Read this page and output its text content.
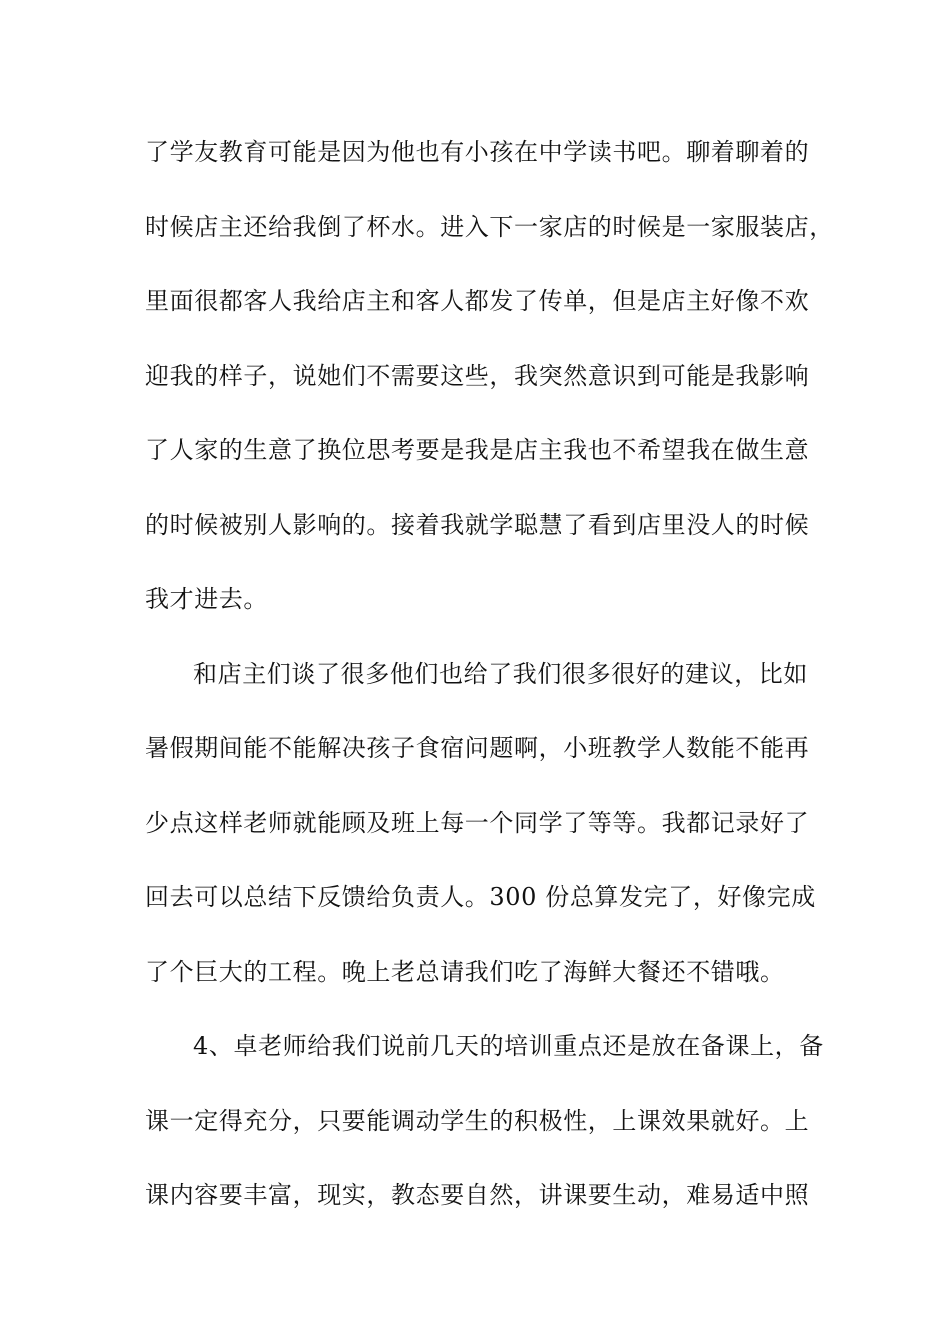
了学友教育可能是因为他也有小孩在中学读书吧。聊着聊着的
时候店主还给我倒了杯水。进入下一家店的时候是一家服装店，
里面很都客人我给店主和客人都发了传单，但是店主好像不欢
迎我的样子，说她们不需要这些，我突然意识到可能是我影响
了人家的生意了换位思考要是我是店主我也不希望我在做生意
的时候被别人影响的。接着我就学聪慧了看到店里没人的时候
我才进去。
和店主们谈了很多他们也给了我们很多很好的建议，比如
暑假期间能不能解决孩子食宿问题啊，小班教学人数能不能再
少点这样老师就能顾及班上每一个同学了等等。我都记录好了
回去可以总结下反馈给负责人。300 份总算发完了，好像完成
了个巨大的工程。晚上老总请我们吃了海鲜大餐还不错哦。
4、卓老师给我们说前几天的培训重点还是放在备课上，备
课一定得充分，只要能调动学生的积极性，上课效果就好。上
课内容要丰富，现实，教态要自然，讲课要生动，难易适中照
